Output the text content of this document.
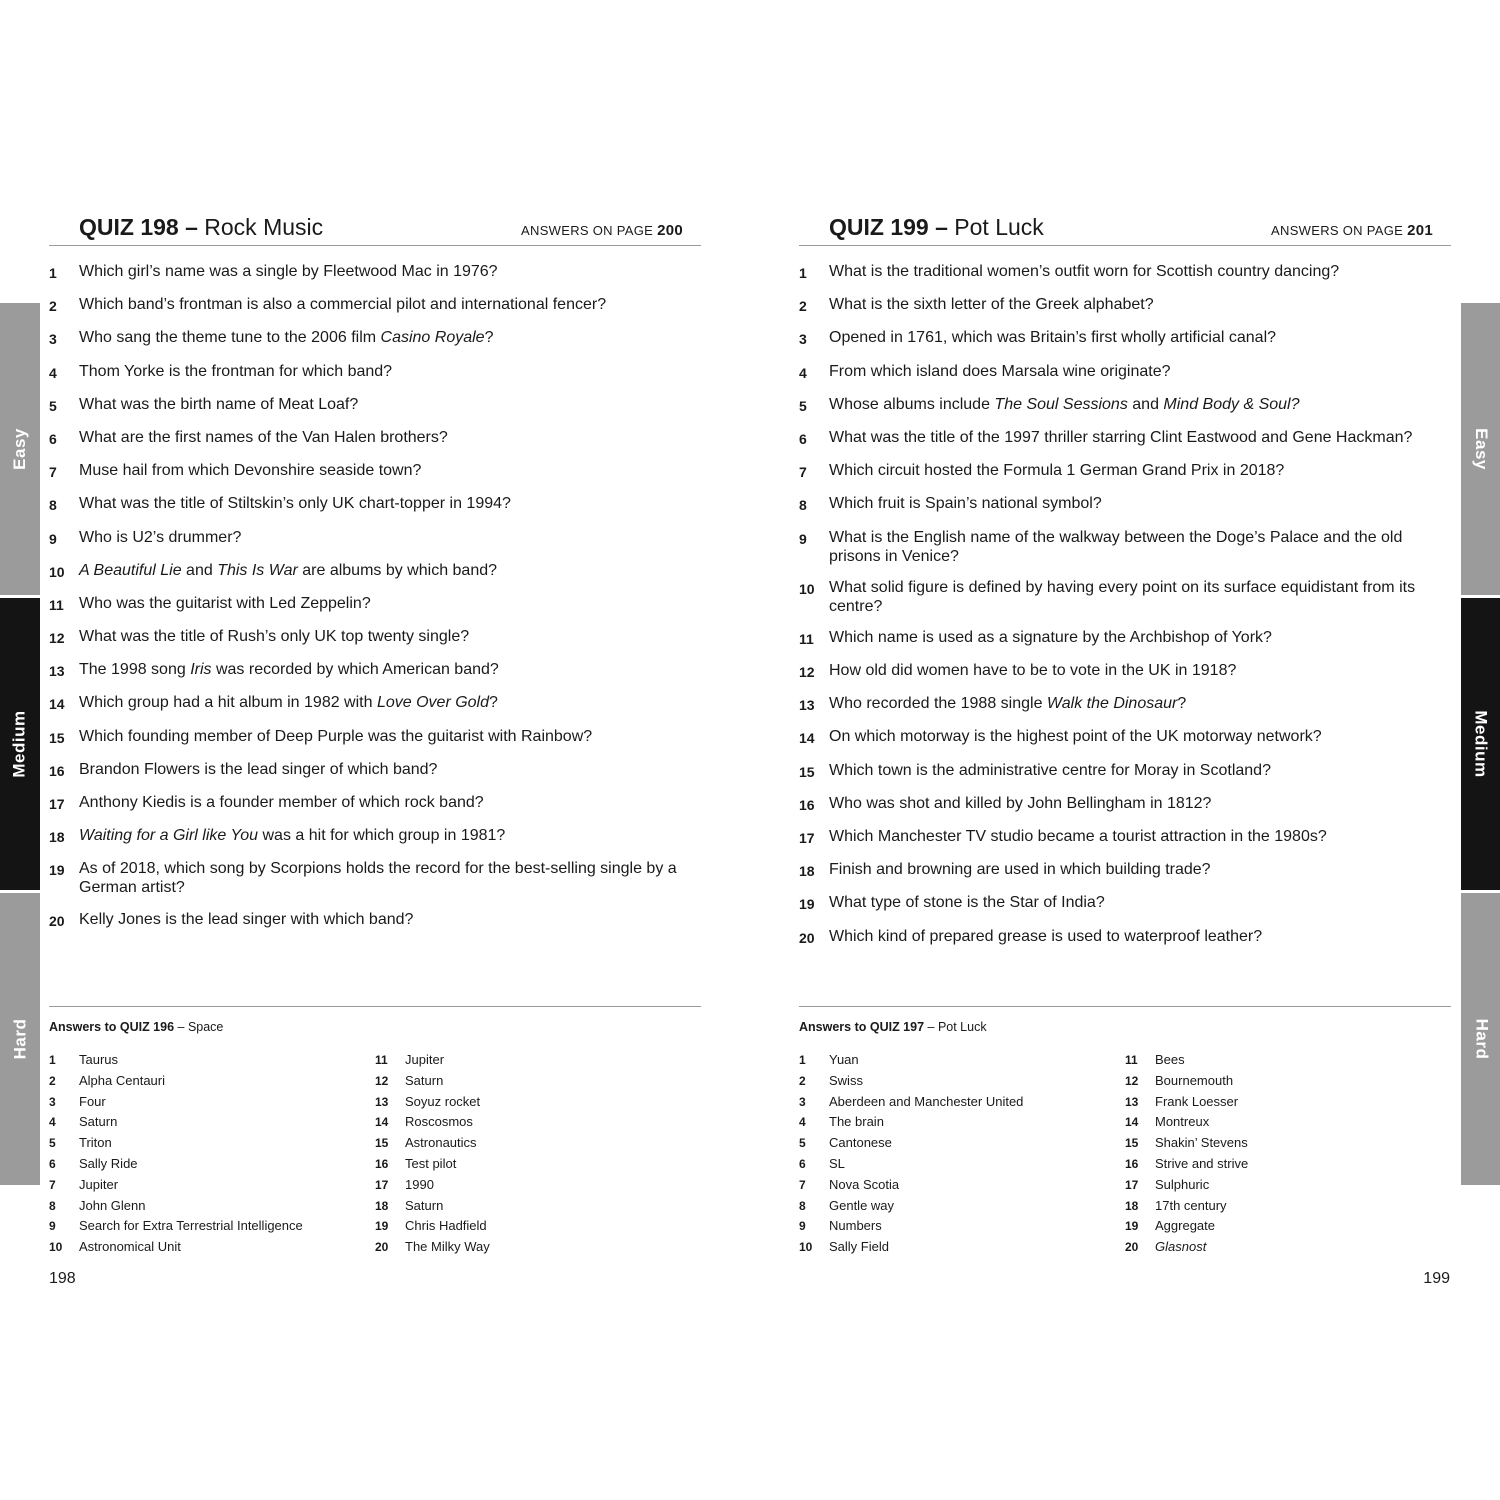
Easy
Medium
Hard
Easy
Medium
Hard
QUIZ 198 – Rock Music	ANSWERS ON PAGE 200
1	Which girl’s name was a single by Fleetwood Mac in 1976?
2	Which band’s frontman is also a commercial pilot and international fencer?
3	Who sang the theme tune to the 2006 film Casino Royale?
4	Thom Yorke is the frontman for which band?
5	What was the birth name of Meat Loaf?
6	What are the first names of the Van Halen brothers?
7	Muse hail from which Devonshire seaside town?
8	What was the title of Stiltskin’s only UK chart-topper in 1994?
9	Who is U2’s drummer?
10 A Beautiful Lie and This Is War are albums by which band?
11 Who was the guitarist with Led Zeppelin?
12 What was the title of Rush’s only UK top twenty single?
13 The 1998 song Iris was recorded by which American band?
14 Which group had a hit album in 1982 with Love Over Gold?
15 Which founding member of Deep Purple was the guitarist with Rainbow?
16 Brandon Flowers is the lead singer of which band?
17 Anthony Kiedis is a founder member of which rock band?
18 Waiting for a Girl like You was a hit for which group in 1981?
19 As of 2018, which song by Scorpions holds the record for the best-selling single by a German artist?
20 Kelly Jones is the lead singer with which band?
Answers to QUIZ 196 – Space
1	Taurus
2	Alpha Centauri
3	Four
4	Saturn
5	Triton
6	Sally Ride
7	Jupiter
8	John Glenn
9	Search for Extra Terrestrial Intelligence
10	Astronomical Unit
11	Jupiter
12	Saturn
13	Soyuz rocket
14	Roscosmos
15	Astronautics
16	Test pilot
17	1990
18	Saturn
19	Chris Hadfield
20	The Milky Way
QUIZ 199 – Pot Luck	ANSWERS ON PAGE 201
1	What is the traditional women’s outfit worn for Scottish country dancing?
2	What is the sixth letter of the Greek alphabet?
3	Opened in 1761, which was Britain’s first wholly artificial canal?
4	From which island does Marsala wine originate?
5	Whose albums include The Soul Sessions and Mind Body & Soul?
6	What was the title of the 1997 thriller starring Clint Eastwood and Gene Hackman?
7	Which circuit hosted the Formula 1 German Grand Prix in 2018?
8	Which fruit is Spain’s national symbol?
9	What is the English name of the walkway between the Doge’s Palace and the old prisons in Venice?
10 What solid figure is defined by having every point on its surface equidistant from its centre?
11 Which name is used as a signature by the Archbishop of York?
12 How old did women have to be to vote in the UK in 1918?
13 Who recorded the 1988 single Walk the Dinosaur?
14 On which motorway is the highest point of the UK motorway network?
15 Which town is the administrative centre for Moray in Scotland?
16 Who was shot and killed by John Bellingham in 1812?
17 Which Manchester TV studio became a tourist attraction in the 1980s?
18 Finish and browning are used in which building trade?
19 What type of stone is the Star of India?
20 Which kind of prepared grease is used to waterproof leather?
Answers to QUIZ 197 – Pot Luck
1	Yuan
2	Swiss
3	Aberdeen and Manchester United
4	The brain
5	Cantonese
6	SL
7	Nova Scotia
8	Gentle way
9	Numbers
10	Sally Field
11	Bees
12	Bournemouth
13	Frank Loesser
14	Montreux
15	Shakin’ Stevens
16	Strive and strive
17	Sulphuric
18	17th century
19	Aggregate
20	Glasnost
198	199
